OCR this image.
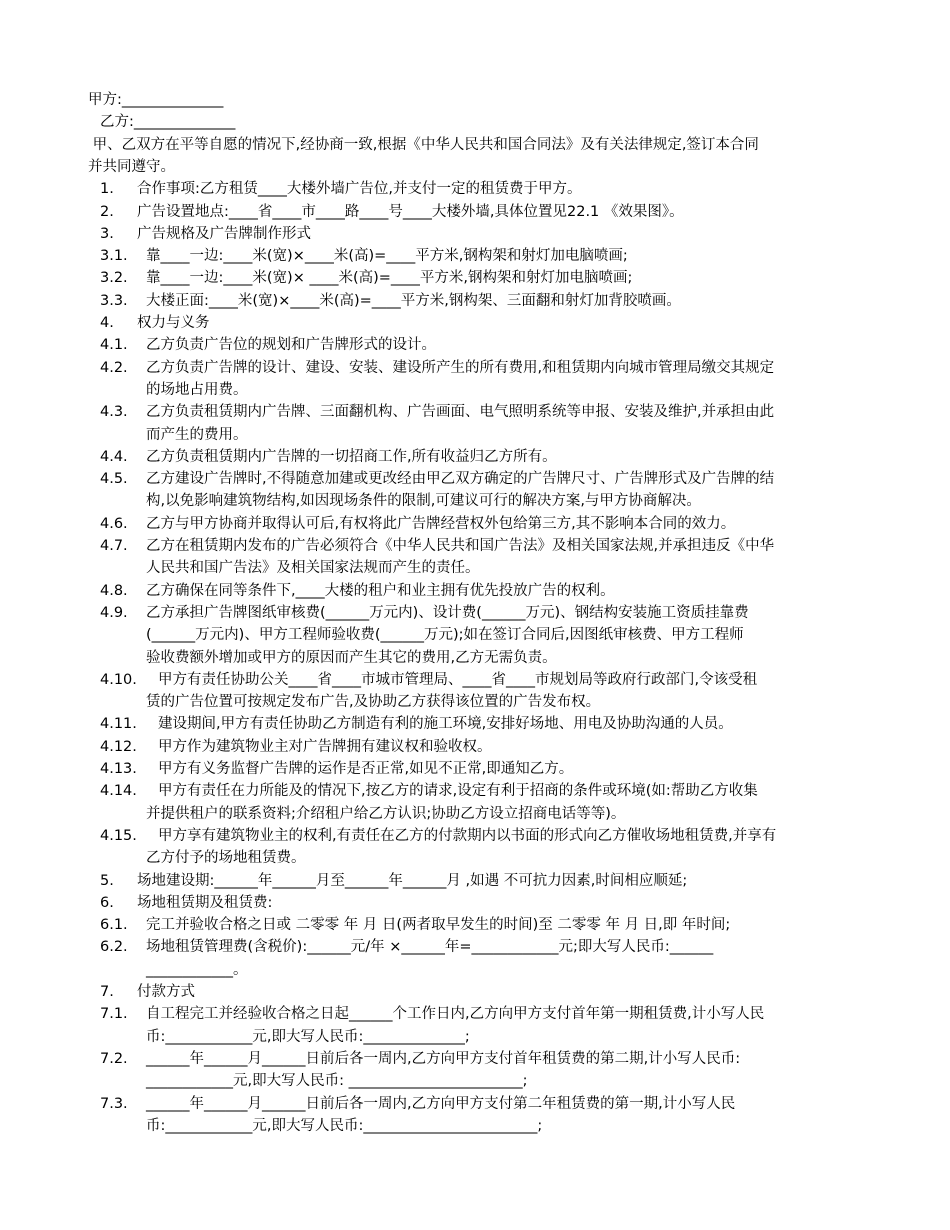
甲方:______________
乙方:______________
甲、乙双方在平等自愿的情况下,经协商一致,根据《中华人民共和国合同法》及有关法律规定,签订本合同
并共同遵守。
1. 合作事项:乙方租赁____大楼外墙广告位,并支付一定的租赁费于甲方。
2. 广告设置地点:____省____市____路____号____大楼外墙,具体位置见22.1 《效果图》。
3. 广告规格及广告牌制作形式
3.1. 靠____一边:____米(宽)×____米(高)=____平方米,钢构架和射灯加电脑喷画;
3.2. 靠____一边:____米(宽)× ____米(高)=____平方米,钢构架和射灯加电脑喷画;
3.3. 大楼正面:____米(宽)×____米(高)=____平方米,钢构架、三面翻和射灯加背胶喷画。
4. 权力与义务
4.1. 乙方负责广告位的规划和广告牌形式的设计。
4.2. 乙方负责广告牌的设计、建设、安装、建设所产生的所有费用,和租赁期内向城市管理局缴交其规定
的场地占用费。
4.3. 乙方负责租赁期内广告牌、三面翻机构、广告画面、电气照明系统等申报、安装及维护,并承担由此
而产生的费用。
4.4. 乙方负责租赁期内广告牌的一切招商工作,所有收益归乙方所有。
4.5. 乙方建设广告牌时,不得随意加建或更改经由甲乙双方确定的广告牌尺寸、广告牌形式及广告牌的结
构,以免影响建筑物结构,如因现场条件的限制,可建议可行的解决方案,与甲方协商解决。
4.6. 乙方与甲方协商并取得认可后,有权将此广告牌经营权外包给第三方,其不影响本合同的效力。
4.7. 乙方在租赁期内发布的广告必须符合《中华人民共和国广告法》及相关国家法规,并承担违反《中华
人民共和国广告法》及相关国家法规而产生的责任。
4.8. 乙方确保在同等条件下,____大楼的租户和业主拥有优先投放广告的权利。
4.9. 乙方承担广告牌图纸审核费(______万元内)、设计费(______万元)、钢结构安装施工资质挂靠费
(______万元内)、甲方工程师验收费(______万元);如在签订合同后,因图纸审核费、甲方工程师
验收费额外增加或甲方的原因而产生其它的费用,乙方无需负责。
4.10. 甲方有责任协助公关____省____市城市管理局、____省____市规划局等政府行政部门,令该受租
赁的广告位置可按规定发布广告,及协助乙方获得该位置的广告发布权。
4.11. 建设期间,甲方有责任协助乙方制造有利的施工环境,安排好场地、用电及协助沟通的人员。
4.12. 甲方作为建筑物业主对广告牌拥有建议权和验收权。
4.13. 甲方有义务监督广告牌的运作是否正常,如见不正常,即通知乙方。
4.14. 甲方有责任在力所能及的情况下,按乙方的请求,设定有利于招商的条件或环境(如:帮助乙方收集
并提供租户的联系资料;介绍租户给乙方认识;协助乙方设立招商电话等等)。
4.15. 甲方享有建筑物业主的权利,有责任在乙方的付款期内以书面的形式向乙方催收场地租赁费,并享有
乙方付予的场地租赁费。
5. 场地建设期:______年______月至______年______月 ,如遇 不可抗力因素,时间相应顺延;
6. 场地租赁期及租赁费:
6.1. 完工并验收合格之日或 二零零 年 月 日(两者取早发生的时间)至 二零零 年 月 日,即 年时间;
6.2. 场地租赁管理费(含税价):______元/年 ×______年=____________元;即大写人民币:______
____________。
7. 付款方式
7.1. 自工程完工并经验收合格之日起______个工作日内,乙方向甲方支付首年第一期租赁费,计小写人民
币:____________元,即大写人民币:______________;
7.2. ______年______月______日前后各一周内,乙方向甲方支付首年租赁费的第二期,计小写人民币:
____________元,即大写人民币: ________________________;
7.3. ______年______月______日前后各一周内,乙方向甲方支付第二年租赁费的第一期,计小写人民
币:____________元,即大写人民币:________________________;
